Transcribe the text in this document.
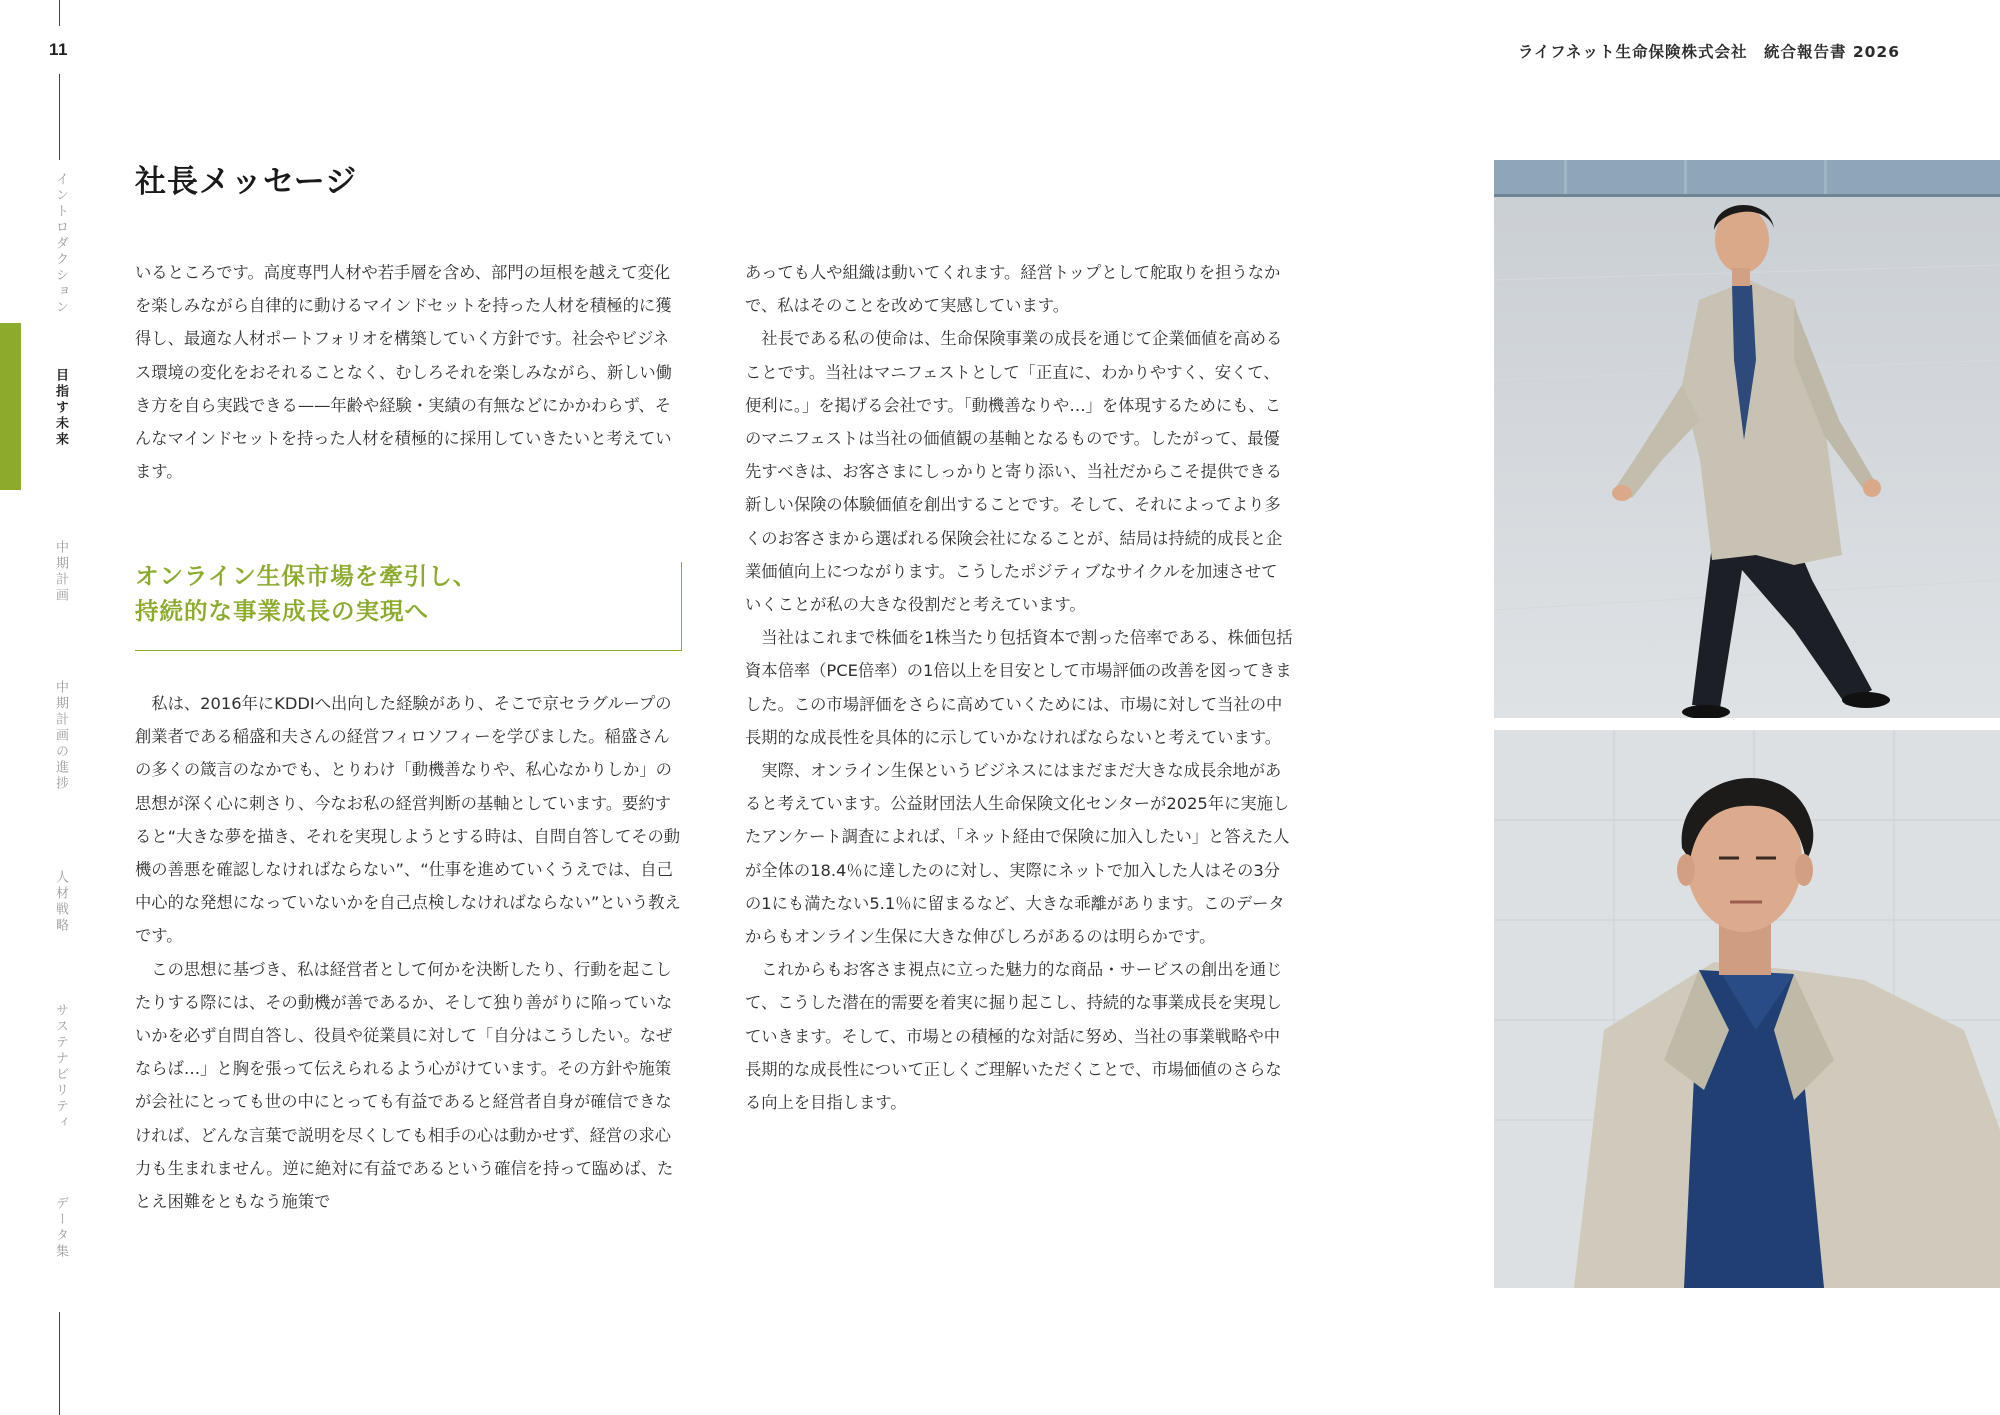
11
イントロダクション
目指す未来
中期計画
中期計画の進捗
人材戦略
サステナビリティ
データ集
ライフネット生命保険株式会社　統合報告書 2026
社長メッセージ

いるところです。高度専門人材や若手層を含め、部門の垣根を越えて変化を楽しみながら自律的に動けるマインドセットを持った人材を積極的に獲得し、最適な人材ポートフォリオを構築していく方針です。社会やビジネス環境の変化をおそれることなく、むしろそれを楽しみながら、新しい働き方を自ら実践できる——年齢や経験・実績の有無などにかかわらず、そんなマインドセットを持った人材を積極的に採用していきたいと考えています。

オンライン生保市場を牽引し、
持続的な事業成長の実現へ

私は、2016年にKDDIへ出向した経験があり、そこで京セラグループの創業者である稲盛和夫さんの経営フィロソフィーを学びました。稲盛さんの多くの箴言のなかでも、とりわけ「動機善なりや、私心なかりしか」の思想が深く心に刺さり、今なお私の経営判断の基軸としています。要約すると“大きな夢を描き、それを実現しようとする時は、自問自答してその動機の善悪を確認しなければならない”、“仕事を進めていくうえでは、自己中心的な発想になっていないかを自己点検しなければならない”という教えです。

この思想に基づき、私は経営者として何かを決断したり、行動を起こしたりする際には、その動機が善であるか、そして独り善がりに陥っていないかを必ず自問自答し、役員や従業員に対して「自分はこうしたい。なぜならば…」と胸を張って伝えられるよう心がけています。その方針や施策が会社にとっても世の中にとっても有益であると経営者自身が確信できなければ、どんな言葉で説明を尽くしても相手の心は動かせず、経営の求心力も生まれません。逆に絶対に有益であるという確信を持って臨めば、たとえ困難をともなう施策で

あっても人や組織は動いてくれます。経営トップとして舵取りを担うなかで、私はそのことを改めて実感しています。

社長である私の使命は、生命保険事業の成長を通じて企業価値を高めることです。当社はマニフェストとして「正直に、わかりやすく、安くて、便利に。」を掲げる会社です。「動機善なりや…」を体現するためにも、このマニフェストは当社の価値観の基軸となるものです。したがって、最優先すべきは、お客さまにしっかりと寄り添い、当社だからこそ提供できる新しい保険の体験価値を創出することです。そして、それによってより多くのお客さまから選ばれる保険会社になることが、結局は持続的成長と企業価値向上につながります。こうしたポジティブなサイクルを加速させていくことが私の大きな役割だと考えています。

当社はこれまで株価を1株当たり包括資本で割った倍率である、株価包括資本倍率（PCE倍率）の1倍以上を目安として市場評価の改善を図ってきました。この市場評価をさらに高めていくためには、市場に対して当社の中長期的な成長性を具体的に示していかなければならないと考えています。

実際、オンライン生保というビジネスにはまだまだ大きな成長余地があると考えています。公益財団法人生命保険文化センターが2025年に実施したアンケート調査によれば、「ネット経由で保険に加入したい」と答えた人が全体の18.4％に達したのに対し、実際にネットで加入した人はその3分の1にも満たない5.1％に留まるなど、大きな乖離があります。このデータからもオンライン生保に大きな伸びしろがあるのは明らかです。

これからもお客さま視点に立った魅力的な商品・サービスの創出を通じて、こうした潜在的需要を着実に掘り起こし、持続的な事業成長を実現していきます。そして、市場との積極的な対話に努め、当社の事業戦略や中長期的な成長性について正しくご理解いただくことで、市場価値のさらなる向上を目指します。
